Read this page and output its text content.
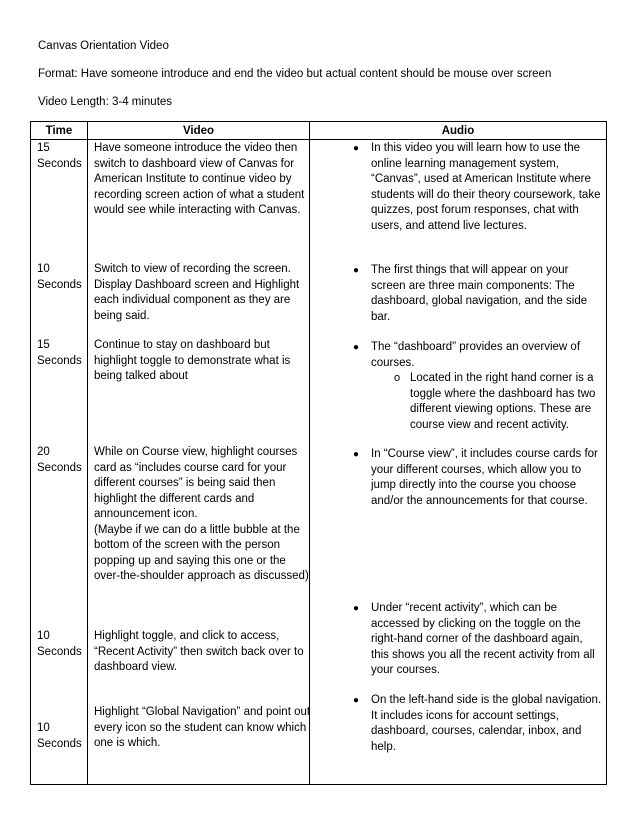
Canvas Orientation Video
Format: Have someone introduce and end the video but actual content should be mouse over screen
Video Length: 3-4 minutes
Time	Video	Audio
15
Seconds
Have someone introduce the video then switch to dashboard view of Canvas for American Institute to continue video by recording screen action of what a student would see while interacting with Canvas.
● In this video you will learn how to use the online learning management system, “Canvas”, used at American Institute where students will do their theory coursework, take quizzes, post forum responses, chat with users, and attend live lectures.
10
Seconds
Switch to view of recording the screen. Display Dashboard screen and Highlight each individual component as they are being said.
● The first things that will appear on your screen are three main components: The dashboard, global navigation, and the side bar.
15
Seconds
Continue to stay on dashboard but highlight toggle to demonstrate what is being talked about
● The “dashboard” provides an overview of courses.
o Located in the right hand corner is a toggle where the dashboard has two different viewing options. These are course view and recent activity.
20
Seconds
While on Course view, highlight courses card as “includes course card for your different courses” is being said then highlight the different cards and announcement icon.
(Maybe if we can do a little bubble at the bottom of the screen with the person popping up and saying this one or the over-the-shoulder approach as discussed)
● In “Course view”, it includes course cards for your different courses, which allow you to jump directly into the course you choose and/or the announcements for that course.
10
Seconds
Highlight toggle, and click to access, “Recent Activity” then switch back over to dashboard view.
● Under “recent activity”, which can be accessed by clicking on the toggle on the right-hand corner of the dashboard again, this shows you all the recent activity from all your courses.
10
Seconds
Highlight “Global Navigation” and point out every icon so the student can know which one is which.
● On the left-hand side is the global navigation. It includes icons for account settings, dashboard, courses, calendar, inbox, and help.
